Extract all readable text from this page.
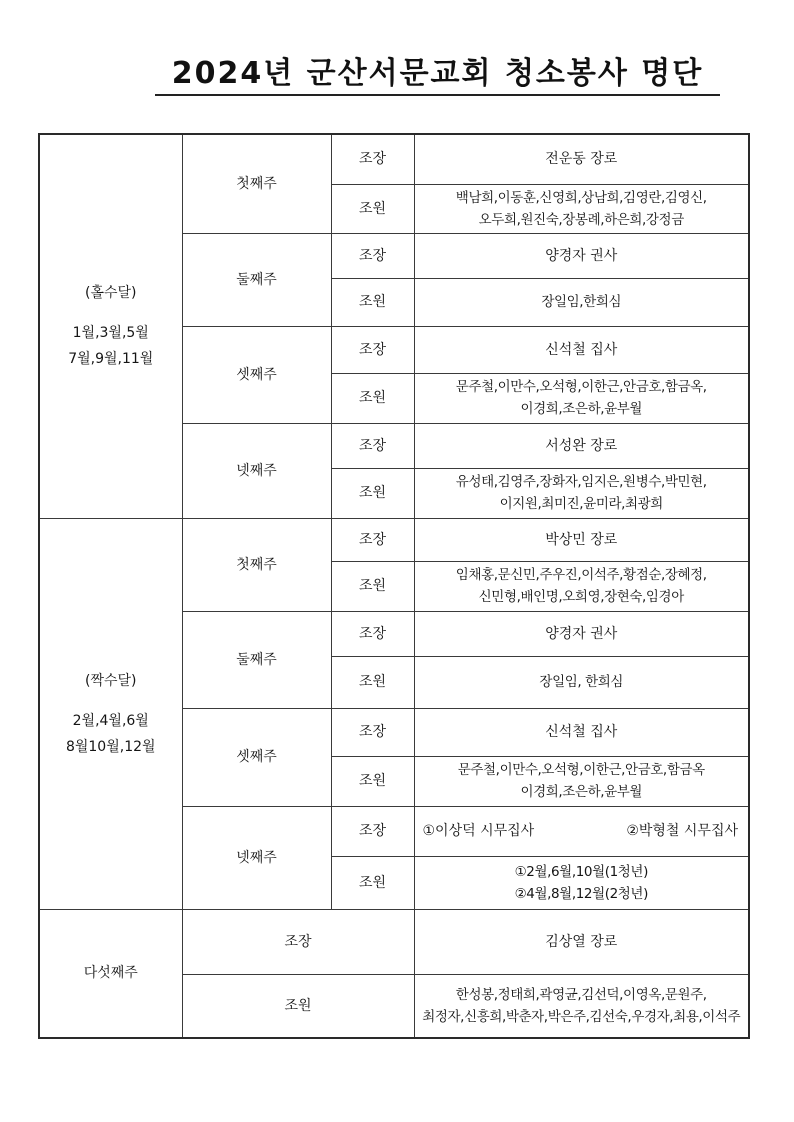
2024년 군산서문교회 청소봉사 명단
(홀수달)
1월,3월,5월
7월,9월,11월	첫째주	조장	전운동 장로
		조원	백남희,이동훈,신영희,상남희,김영란,김영신,
오두희,원진숙,장봉례,하은희,강정금

	둘째주	조장	양경자 권사
		조원	장일임,한희심

	셋째주	조장	신석철 집사
		조원	문주철,이만수,오석형,이한근,안금호,함금옥,
이경희,조은하,윤부월

	넷째주	조장	서성완 장로
		조원	유성태,김영주,장화자,임지은,원병수,박민현,
이지원,최미진,윤미라,최광희

(짝수달)
2월,4월,6월
8월10월,12월	첫째주	조장	박상민 장로
		조원	임채홍,문신민,주우진,이석주,황점순,장혜정,
신민형,배인명,오희영,장현숙,임경아

	둘째주	조장	양경자 권사
		조원	장일임, 한희심

	셋째주	조장	신석철 집사
		조원	문주철,이만수,오석형,이한근,안금호,함금옥
이경희,조은하,윤부월

	넷째주	조장	①이상덕 시무집사 ②박형철 시무집사

		조원	①2월,6월,10월(1청년)
②4월,8월,12월(2청년)

다섯째주	조장		김상열 장로
	조원		한성봉,정태희,곽영균,김선덕,이영옥,문원주,
최정자,신흥희,박춘자,박은주,김선숙,우경자,최용,이석주
